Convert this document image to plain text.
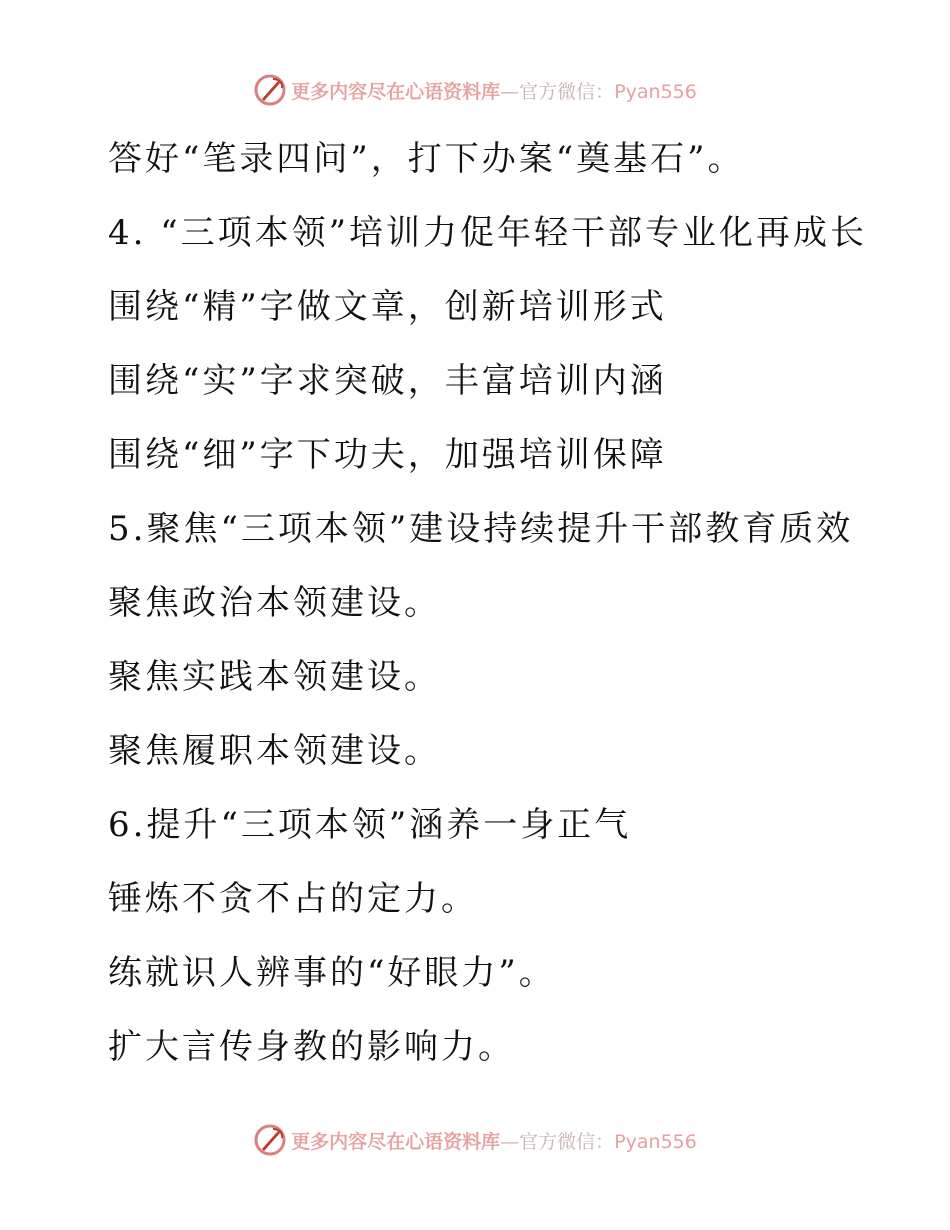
更多内容尽在心语资料库—官方微信：Pyan556
答好“笔录四问”，打下办案“奠基石”。
4. “三项本领”培训力促年轻干部专业化再成长
围绕“精”字做文章，创新培训形式
围绕“实”字求突破，丰富培训内涵
围绕“细”字下功夫，加强培训保障
5.聚焦“三项本领”建设持续提升干部教育质效
聚焦政治本领建设。
聚焦实践本领建设。
聚焦履职本领建设。
6.提升“三项本领”涵养一身正气
锤炼不贪不占的定力。
练就识人辨事的“好眼力”。
扩大言传身教的影响力。
更多内容尽在心语资料库—官方微信：Pyan556
